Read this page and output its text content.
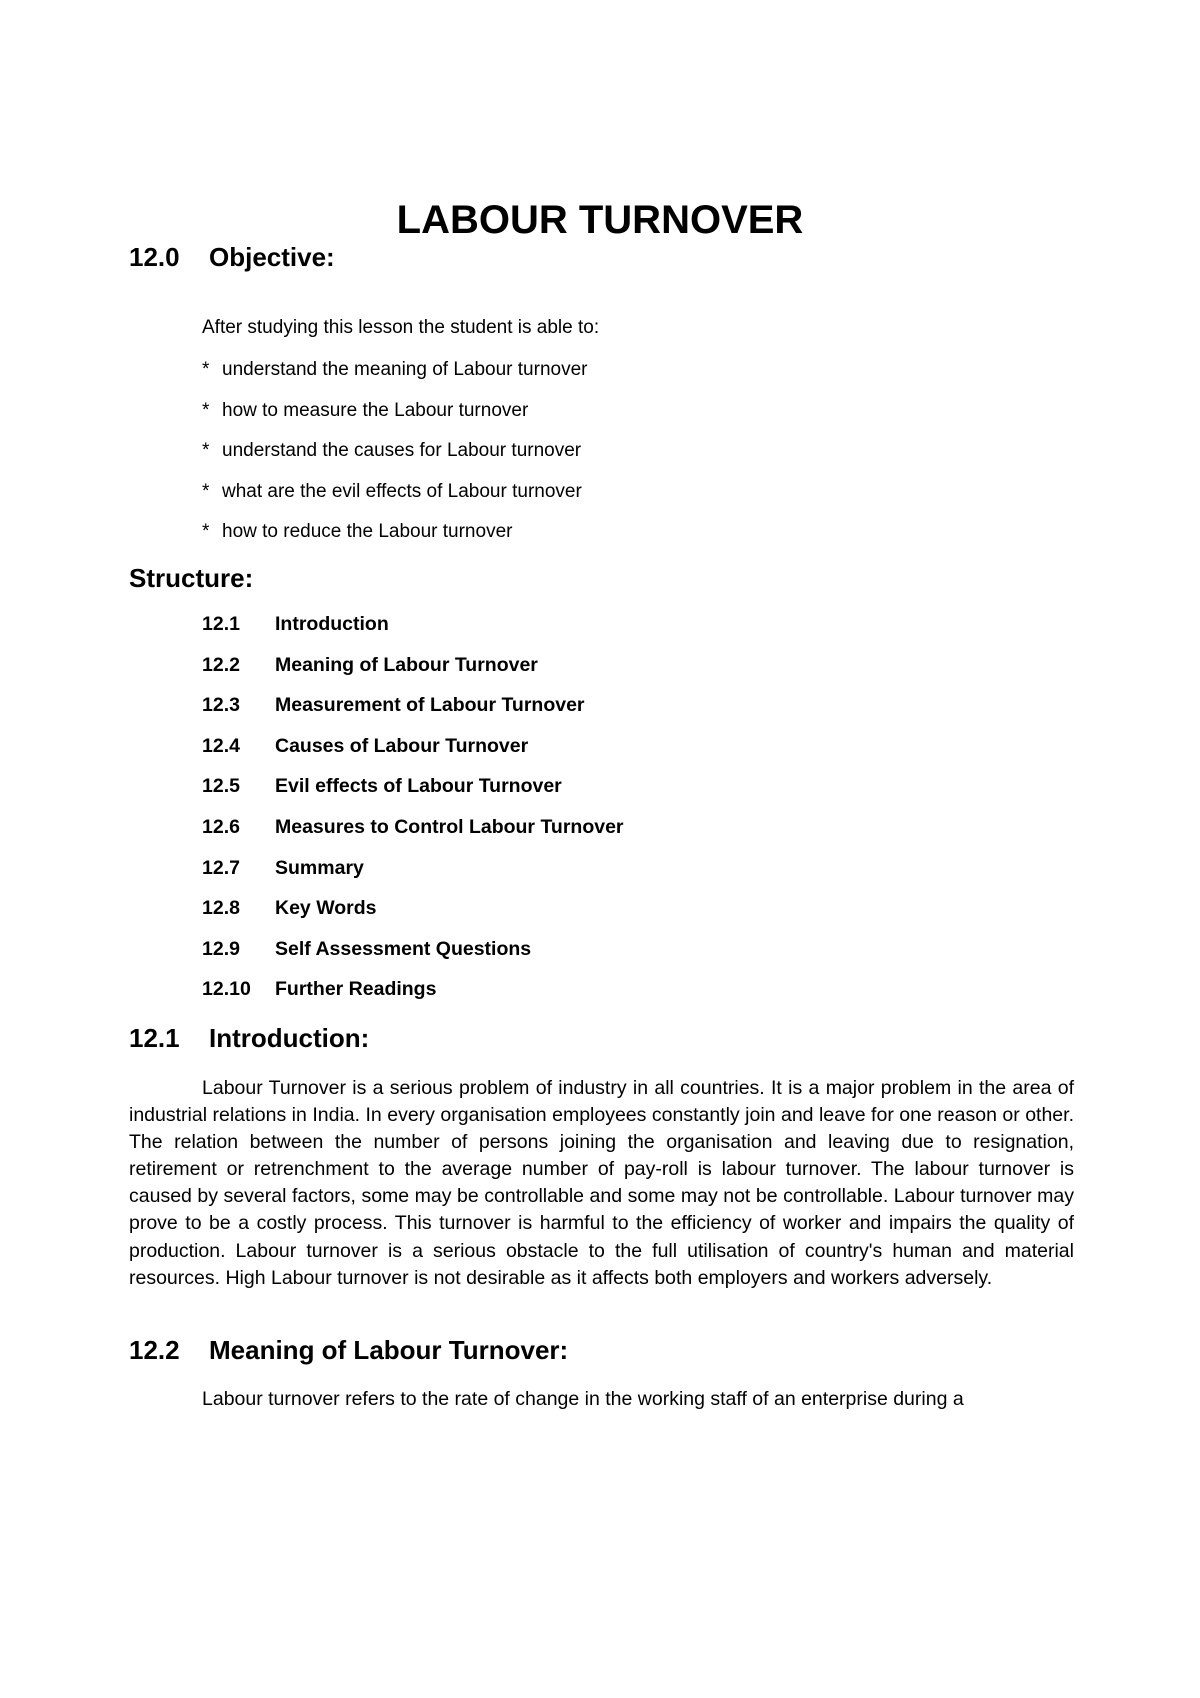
LABOUR TURNOVER
12.0 Objective:

After studying this lesson the student is able to:

* understand the meaning of Labour turnover
* how to measure the Labour turnover
* understand the causes for Labour turnover
* what are the evil effects of Labour turnover
* how to reduce the Labour turnover
Structure:
12.1 Introduction
12.2 Meaning of Labour Turnover
12.3 Measurement of Labour Turnover
12.4 Causes of Labour Turnover
12.5 Evil effects of Labour Turnover
12.6 Measures to Control Labour Turnover
12.7 Summary
12.8 Key Words
12.9 Self Assessment Questions
12.10 Further Readings
12.1 Introduction:

Labour Turnover is a serious problem of industry in all countries. It is a major problem in the area of industrial relations in India. In every organisation employees constantly join and leave for one reason or other. The relation between the number of persons joining the organisation and leaving due to resignation, retirement or retrenchment to the average number of pay-roll is labour turnover. The labour turnover is caused by several factors, some may be controllable and some may not be controllable. Labour turnover may prove to be a costly process. This turnover is harmful to the efficiency of worker and impairs the quality of production. Labour turnover is a serious obstacle to the full utilisation of country's human and material resources. High Labour turnover is not desirable as it affects both employers and workers adversely.

12.2 Meaning of Labour Turnover:

Labour turnover refers to the rate of change in the working staff of an enterprise during a
